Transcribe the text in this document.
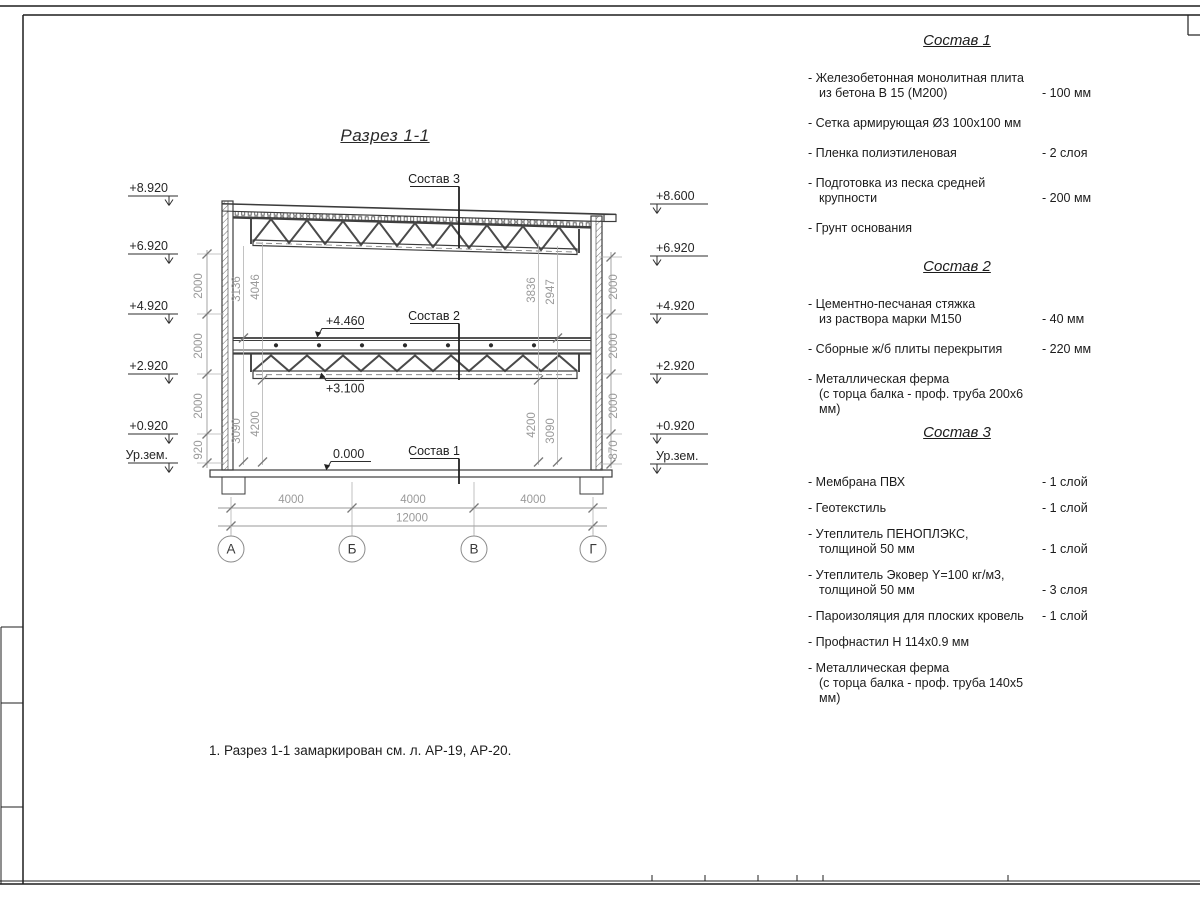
Состав 3
Состав 2
Состав 1
+4.460
+3.100
0.000
+8.920
+6.920
+4.920
+2.920
+0.920
Ур.зем.
+8.600
+6.920
+4.920
+2.920
+0.920
Ур.зем.
2000
2000
2000
920
2000
2000
2000
870
3136 4046
3090 4200
3836 2947
4200 3090
4000	4000	4000
12000
А	Б	В	Г
Разрез 1-1
Состав 1
- Железобетонная монолитная плита
из бетона В 15 (М200)	- 100 мм
- Сетка армирующая Ø3 100х100 мм
- Пленка полиэтиленовая	- 2 слоя
- Подготовка из песка средней
крупности	- 200 мм
- Грунт основания
Состав 2
- Цементно-песчаная стяжка
из раствора марки М150	- 40 мм
- Сборные ж/б плиты перекрытия	- 220 мм
- Металлическая ферма
(с торца балка - проф. труба 200х6 мм)
Состав 3
- Мембрана ПВХ	- 1 слой
- Геотекстиль	- 1 слой
- Утеплитель ПЕНОПЛЭКС,
толщиной 50 мм	- 1 слой
- Утеплитель Эковер Y=100 кг/м3,
толщиной 50 мм	- 3 слоя
- Пароизоляция для плоских кровель	- 1 слой
- Профнастил Н 114х0.9 мм
- Металлическая ферма
(с торца балка - проф. труба 140х5 мм)
1. Разрез 1-1 замаркирован см. л. АР-19, АР-20.
